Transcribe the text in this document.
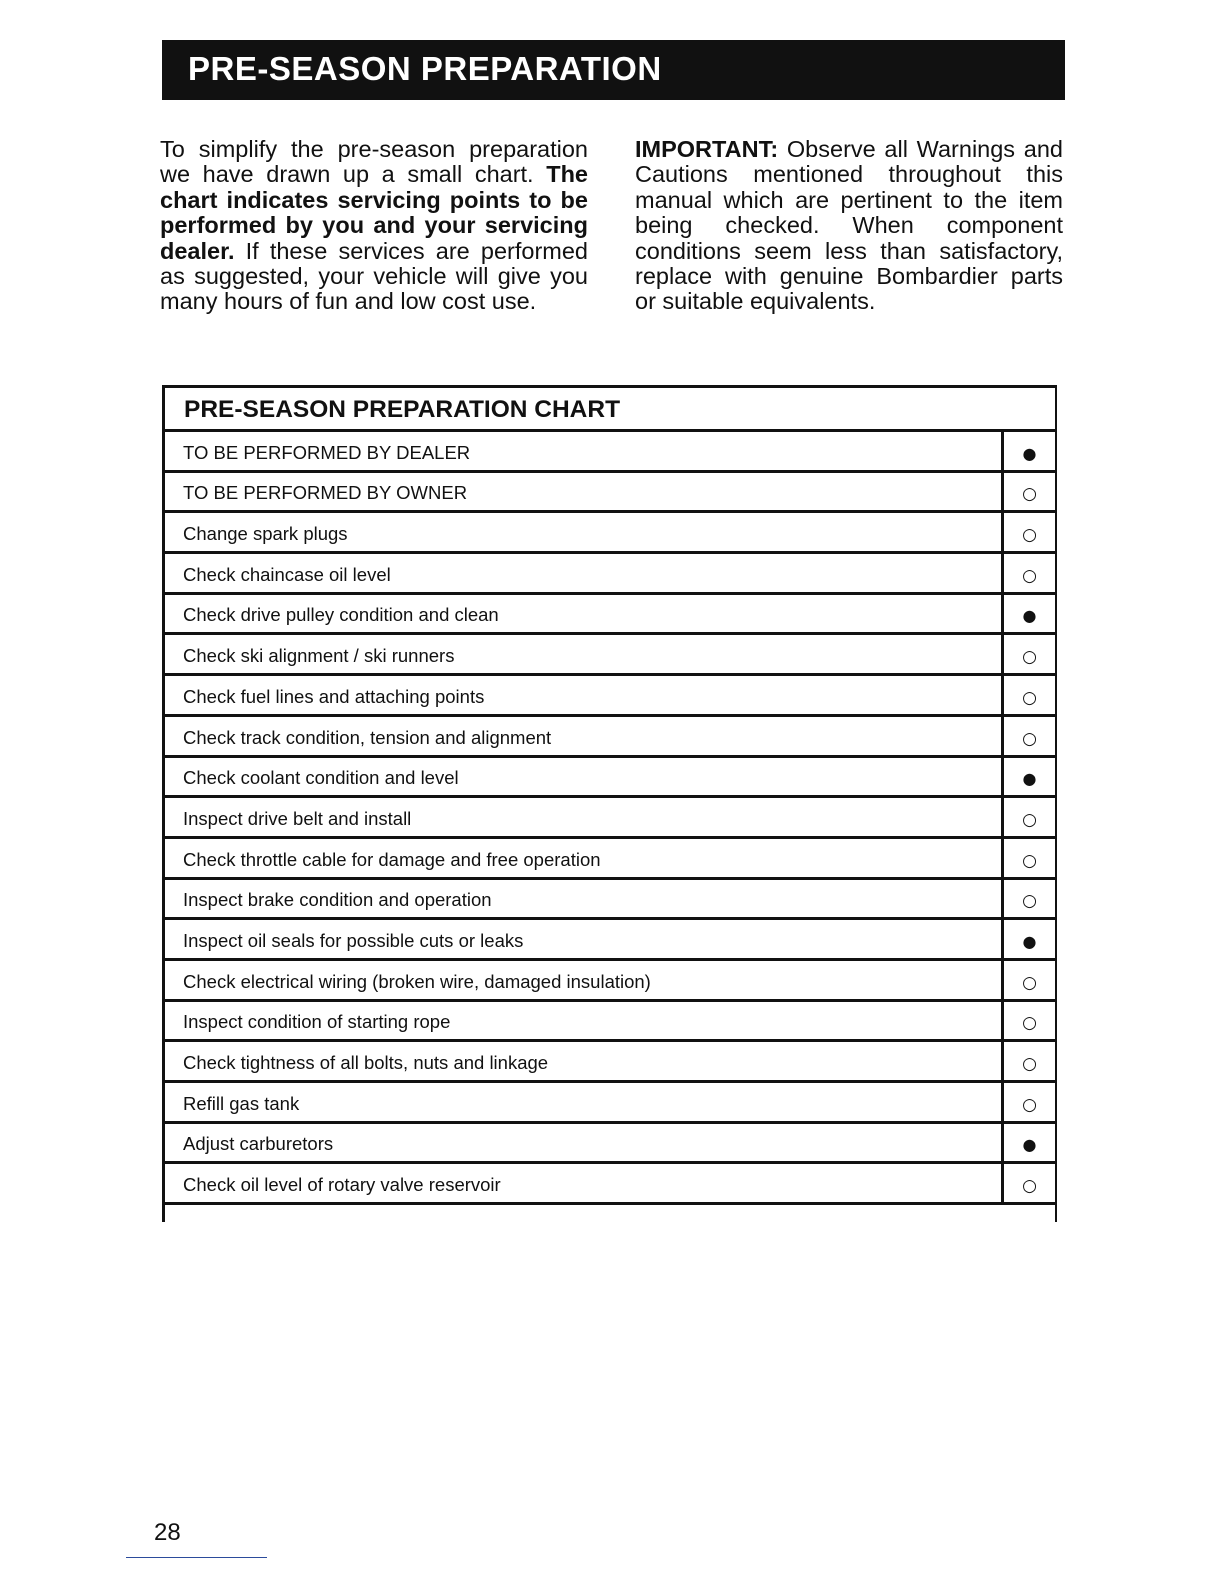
PRE-SEASON PREPARATION

To simplify the pre-season preparation we have drawn up a small chart. The chart indicates servicing points to be performed by you and your servicing dealer. If these services are performed as suggested, your vehicle will give you many hours of fun and low cost use.

IMPORTANT: Observe all Warnings and Cautions mentioned throughout this manual which are pertinent to the item being checked. When component conditions seem less than satisfactory, replace with genuine Bombardier parts or suitable equivalents.

PRE-SEASON PREPARATION CHART
TO BE PERFORMED BY DEALER	●
TO BE PERFORMED BY OWNER	○
Change spark plugs	○
Check chaincase oil level	○
Check drive pulley condition and clean	●
Check ski alignment / ski runners	○
Check fuel lines and attaching points	○
Check track condition, tension and alignment	○
Check coolant condition and level	●
Inspect drive belt and install	○
Check throttle cable for damage and free operation	○
Inspect brake condition and operation	○
Inspect oil seals for possible cuts or leaks	●
Check electrical wiring (broken wire, damaged insulation)	○
Inspect condition of starting rope	○
Check tightness of all bolts, nuts and linkage	○
Refill gas tank	○
Adjust carburetors	●
Check oil level of rotary valve reservoir	○
28
